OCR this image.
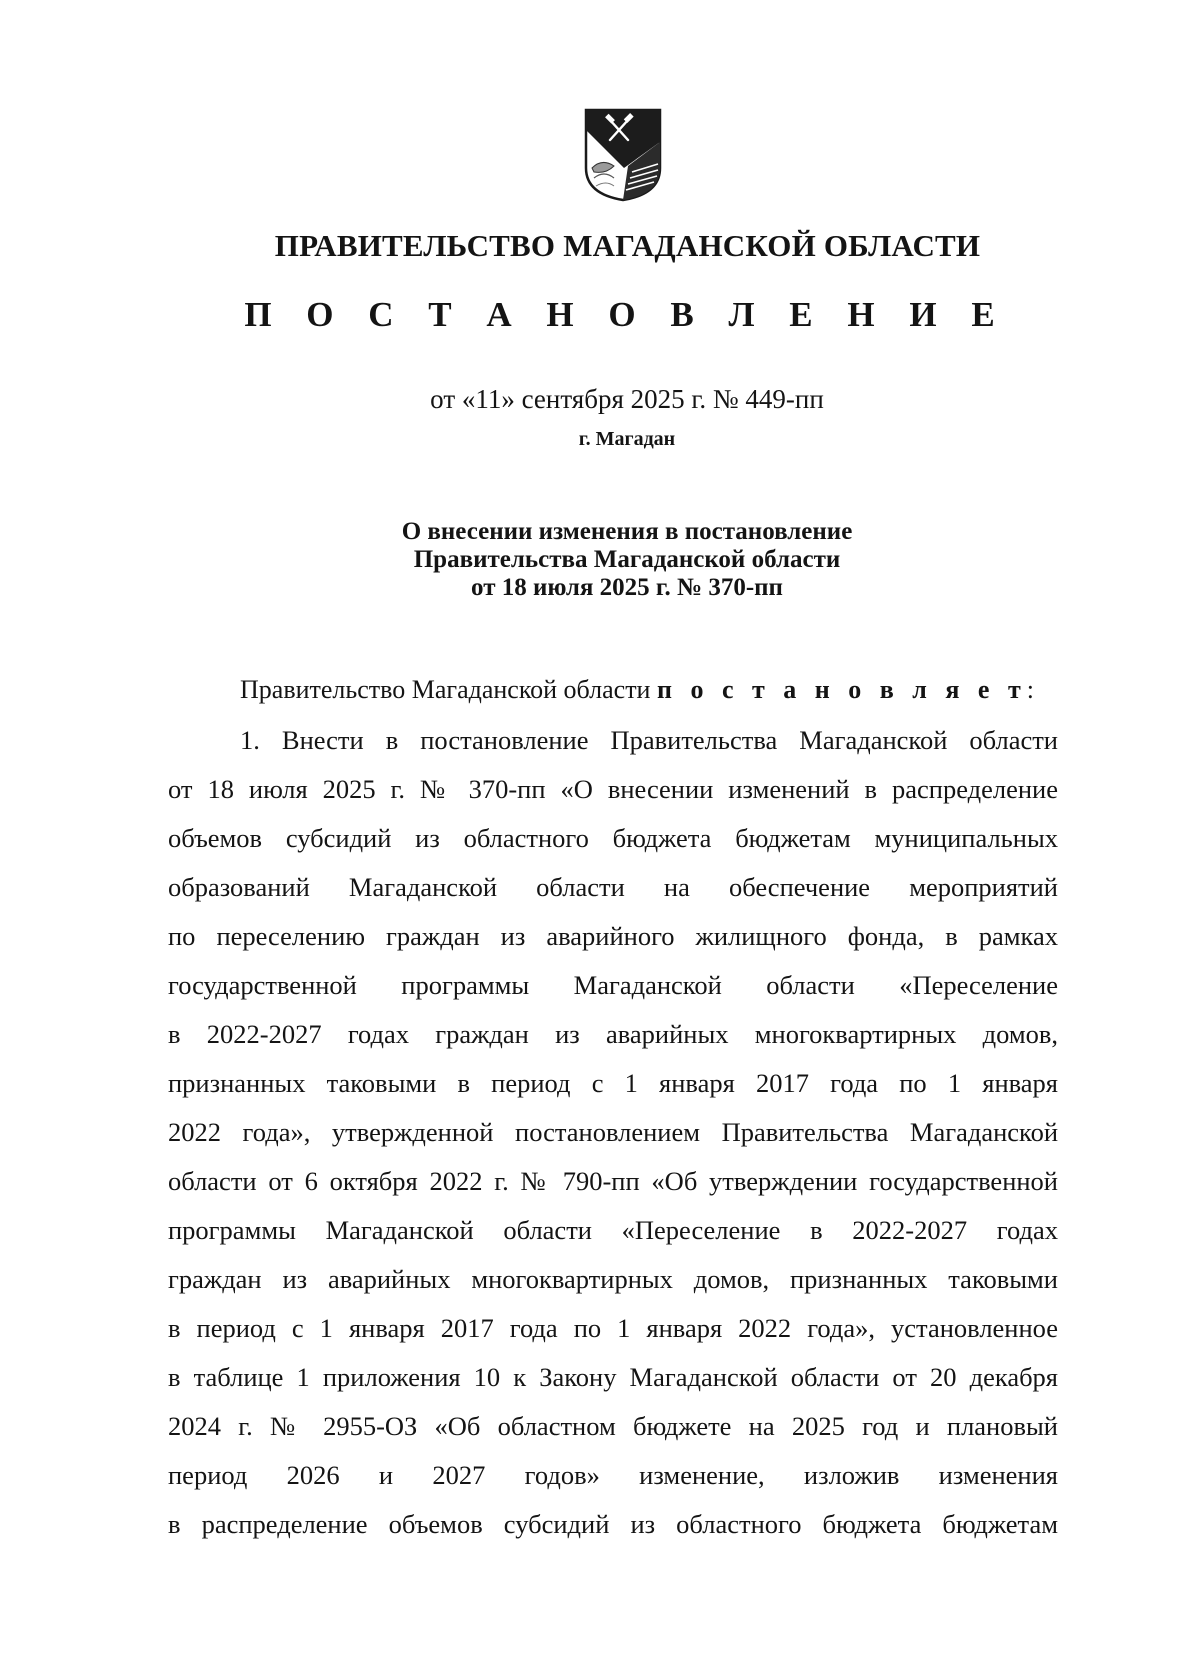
ПРАВИТЕЛЬСТВО МАГАДАНСКОЙ ОБЛАСТИ
П О С Т А Н О В Л Е Н И Е
от «11» сентября 2025 г. № 449-пп
г. Магадан
О внесении изменения в постановление
Правительства Магаданской области
от 18 июля 2025 г. № 370-пп
Правительство Магаданской области п о с т а н о в л я е т:
1. Внести в постановление Правительства Магаданской области
от 18 июля 2025 г. № 370-пп «О внесении изменений в распределение
объемов субсидий из областного бюджета бюджетам муниципальных
образований Магаданской области на обеспечение мероприятий
по переселению граждан из аварийного жилищного фонда, в рамках
государственной программы Магаданской области «Переселение
в 2022-2027 годах граждан из аварийных многоквартирных домов,
признанных таковыми в период с 1 января 2017 года по 1 января
2022 года», утвержденной постановлением Правительства Магаданской
области от 6 октября 2022 г. № 790-пп «Об утверждении государственной
программы Магаданской области «Переселение в 2022-2027 годах
граждан из аварийных многоквартирных домов, признанных таковыми
в период с 1 января 2017 года по 1 января 2022 года», установленное
в таблице 1 приложения 10 к Закону Магаданской области от 20 декабря
2024 г. № 2955-ОЗ «Об областном бюджете на 2025 год и плановый
период 2026 и 2027 годов» изменение, изложив изменения
в распределение объемов субсидий из областного бюджета бюджетам
